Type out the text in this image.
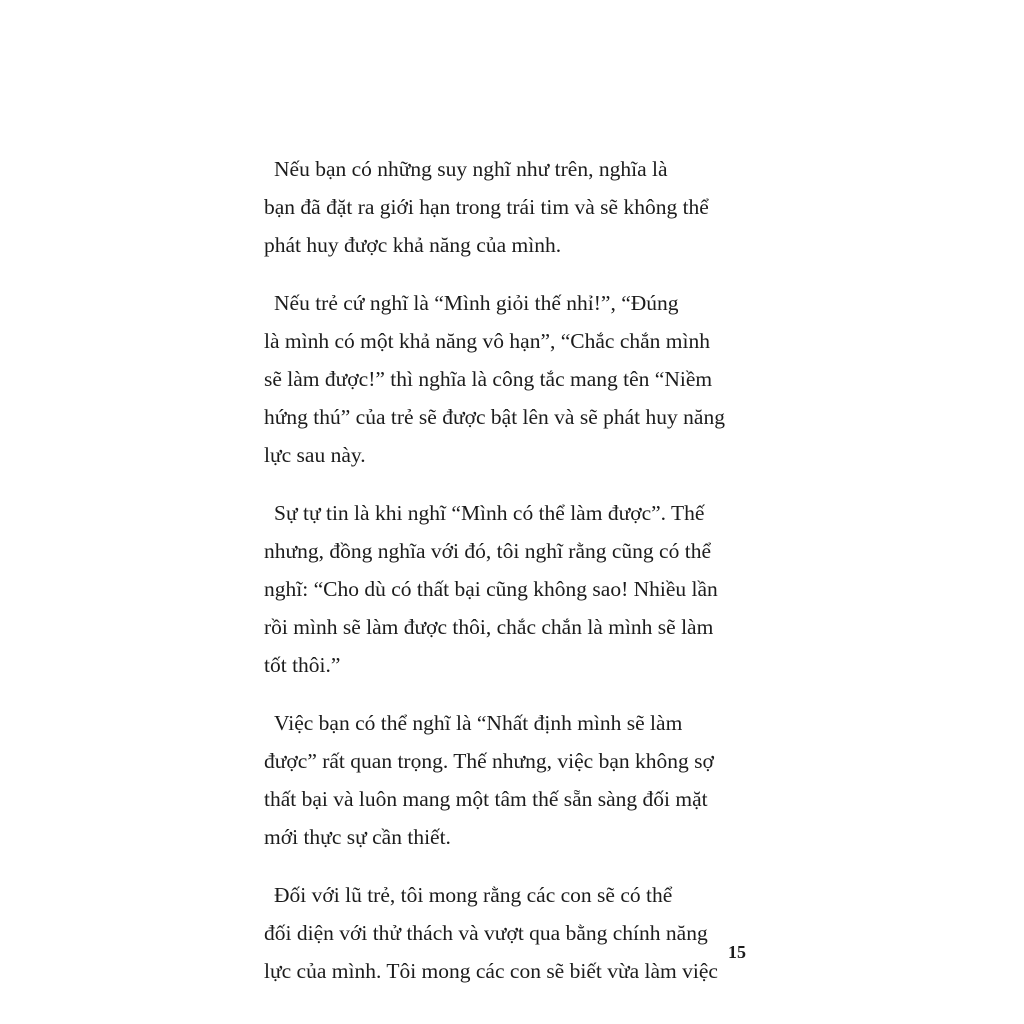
Nếu bạn có những suy nghĩ như trên, nghĩa là
bạn đã đặt ra giới hạn trong trái tim và sẽ không thể
phát huy được khả năng của mình.

Nếu trẻ cứ nghĩ là “Mình giỏi thế nhỉ!”, “Đúng
là mình có một khả năng vô hạn”, “Chắc chắn mình
sẽ làm được!” thì nghĩa là công tắc mang tên “Niềm
hứng thú” của trẻ sẽ được bật lên và sẽ phát huy năng
lực sau này.

Sự tự tin là khi nghĩ “Mình có thể làm được”. Thế
nhưng, đồng nghĩa với đó, tôi nghĩ rằng cũng có thể
nghĩ: “Cho dù có thất bại cũng không sao! Nhiều lần
rồi mình sẽ làm được thôi, chắc chắn là mình sẽ làm
tốt thôi.”

Việc bạn có thể nghĩ là “Nhất định mình sẽ làm
được” rất quan trọng. Thế nhưng, việc bạn không sợ
thất bại và luôn mang một tâm thế sẵn sàng đối mặt
mới thực sự cần thiết.

Đối với lũ trẻ, tôi mong rằng các con sẽ có thể
đối diện với thử thách và vượt qua bằng chính năng
lực của mình. Tôi mong các con sẽ biết vừa làm việc

15
